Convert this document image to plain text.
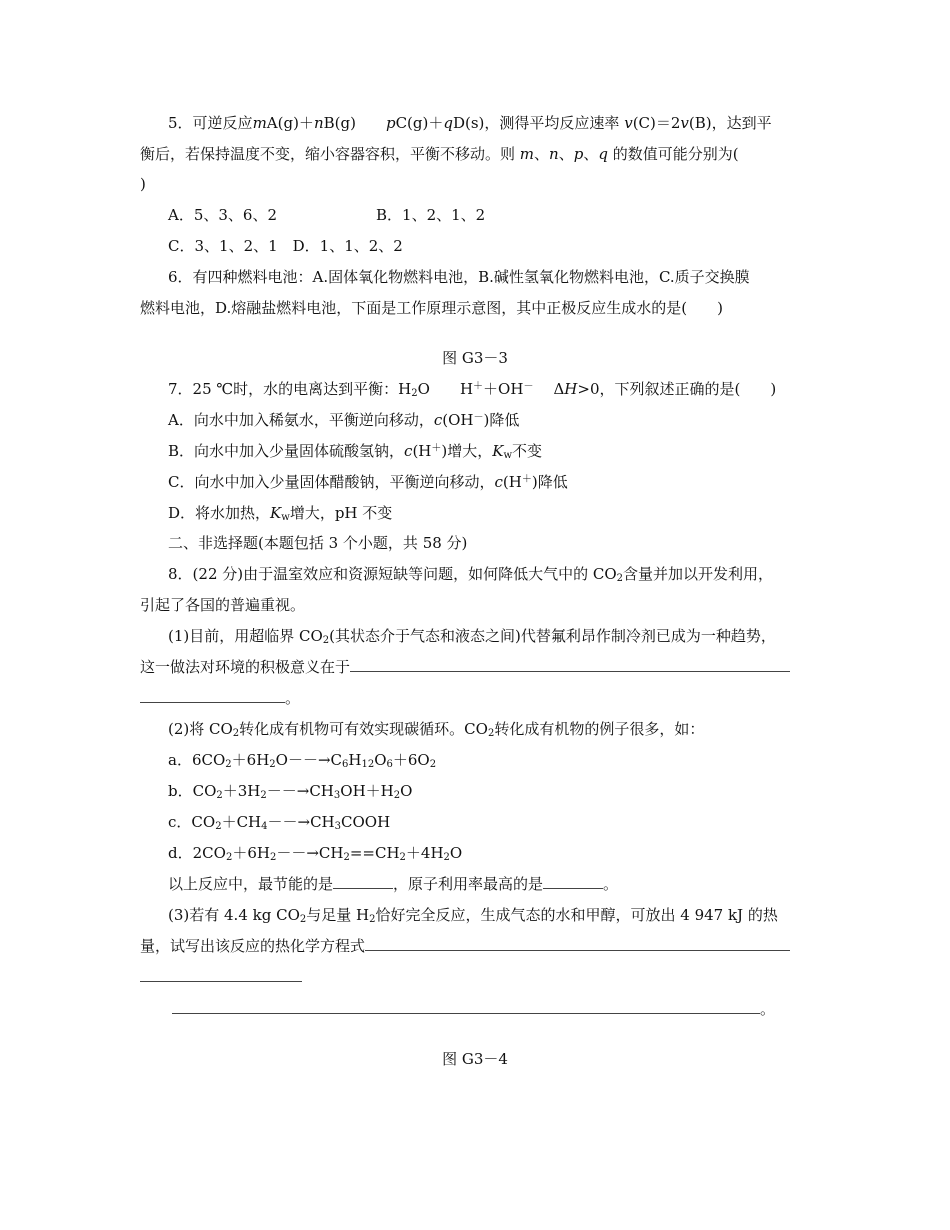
5．可逆反应mA(g)＋nB(g) pC(g)＋qD(s)，测得平均反应速率 v(C)＝2v(B)，达到平
衡后，若保持温度不变，缩小容器容积，平衡不移动。则 m、n、p、q 的数值可能分别为(
)
A．5、3、6、2	B．1、2、1、2
C．3、1、2、1　D．1、1、2、2
6．有四种燃料电池：A.固体氧化物燃料电池，B.碱性氢氧化物燃料电池，C.质子交换膜
燃料电池，D.熔融盐燃料电池，下面是工作原理示意图，其中正极反应生成水的是(　　)
图 G3－3
7．25 ℃时，水的电离达到平衡：$H_2O$ H＋＋OH－ ΔH>0，下列叙述正确的是(　　)
A．向水中加入稀氨水，平衡逆向移动，c(OH－)降低
B．向水中加入少量固体硫酸氢钠，c(H＋)增大，$K_w$不变
C．向水中加入少量固体醋酸钠，平衡逆向移动，c(H＋)降低
D．将水加热，$K_w$增大，pH 不变
二、非选择题(本题包括 3 个小题，共 58 分)
8．(22 分)由于温室效应和资源短缺等问题，如何降低大气中的 $CO_2$含量并加以开发利用，
引起了各国的普遍重视。
(1)目前，用超临界 $CO_2$(其状态介于气态和液态之间)代替氟利昂作制冷剂已成为一种趋势，
这一做法对环境的积极意义在于
。
(2)将 $CO_2$转化成有机物可有效实现碳循环。$CO_2$转化成有机物的例子很多，如：
a．$6CO_2+6H_2O--\to C_6H_{12}O_6+6O_2$
b．$CO_2+3H_2--\to CH_3OH+H_2O$
c．$CO_2+CH_4--\to CH_3COOH$
d．$2CO_2+6H_2--\to CH_2==CH_2+4H_2O$
以上反应中，最节能的是	，原子利用率最高的是	。
(3)若有 4.4 kg $CO_2$与足量 $H_2$恰好完全反应，生成气态的水和甲醇，可放出 4 947 kJ 的热
量，试写出该反应的热化学方程式
。
图 G3－4
